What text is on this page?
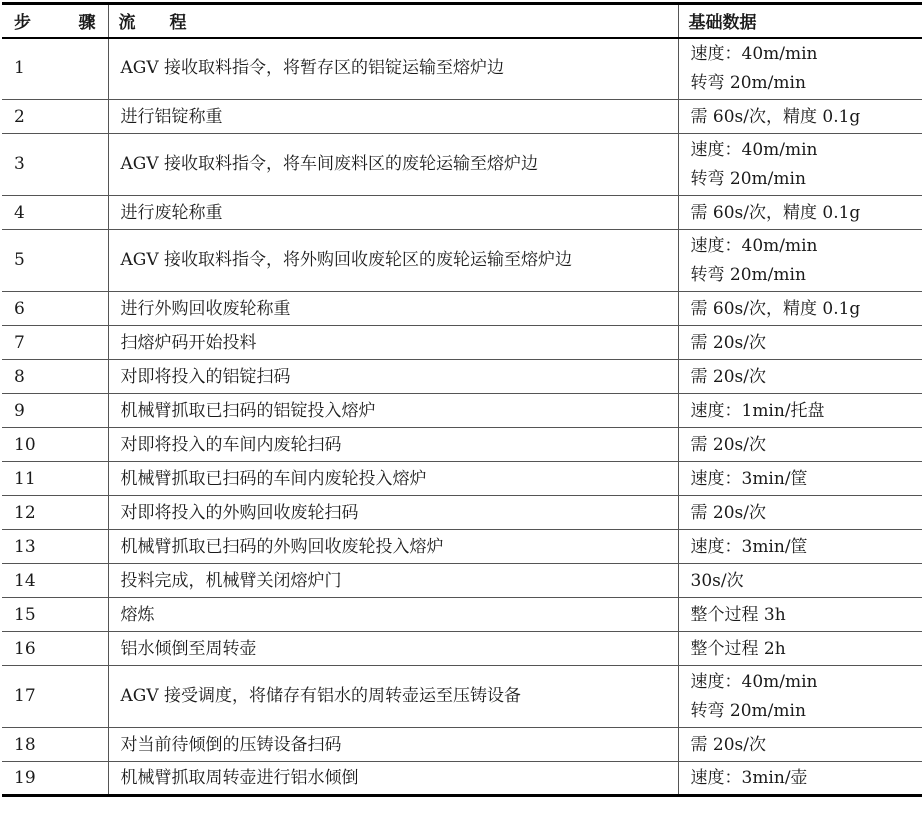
步 骤	流 程	基础数据
1	AGV 接收取料指令，将暂存区的铝锭运输至熔炉边	速度：40m/min
转弯 20m/min

2	进行铝锭称重	需 60s/次，精度 0.1g

3	AGV 接收取料指令，将车间废料区的废轮运输至熔炉边	速度：40m/min
转弯 20m/min

4	进行废轮称重	需 60s/次，精度 0.1g

5	AGV 接收取料指令，将外购回收废轮区的废轮运输至熔炉边	速度：40m/min
转弯 20m/min

6	进行外购回收废轮称重	需 60s/次，精度 0.1g

7	扫熔炉码开始投料	需 20s/次

8	对即将投入的铝锭扫码	需 20s/次

9	机械臂抓取已扫码的铝锭投入熔炉	速度：1min/托盘

10	对即将投入的车间内废轮扫码	需 20s/次

11	机械臂抓取已扫码的车间内废轮投入熔炉	速度：3min/筐

12	对即将投入的外购回收废轮扫码	需 20s/次

13	机械臂抓取已扫码的外购回收废轮投入熔炉	速度：3min/筐

14	投料完成，机械臂关闭熔炉门	30s/次

15	熔炼	整个过程 3h

16	铝水倾倒至周转壶	整个过程 2h

17	AGV 接受调度，将储存有铝水的周转壶运至压铸设备	速度：40m/min
转弯 20m/min

18	对当前待倾倒的压铸设备扫码	需 20s/次

19	机械臂抓取周转壶进行铝水倾倒	速度：3min/壶
